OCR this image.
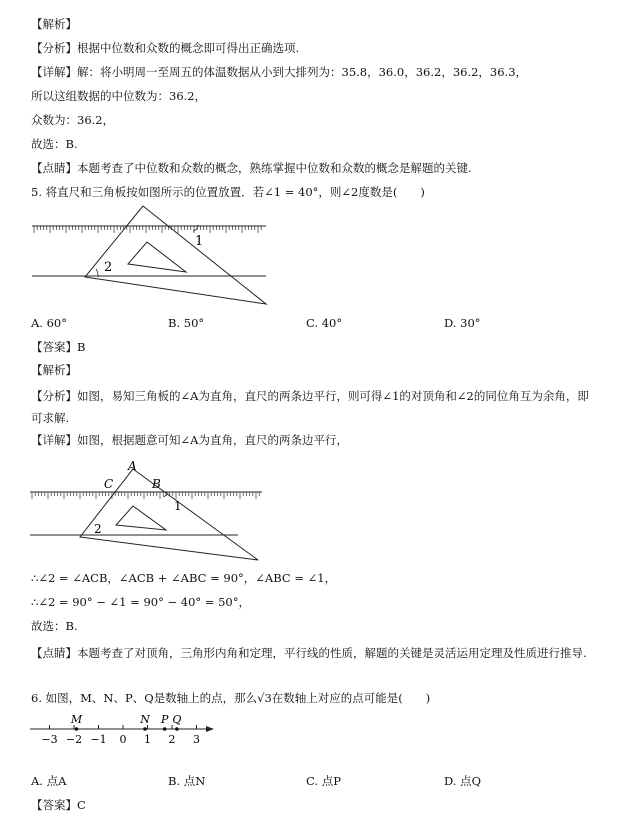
【解析】
【分析】根据中位数和众数的概念即可得出正确选项.
【详解】解：将小明周一至周五的体温数据从小到大排列为：35.8，36.0，36.2，36.2，36.3，
所以这组数据的中位数为：36.2，
众数为：36.2，
故选：B.
【点睛】本题考查了中位数和众数的概念，熟练掌握中位数和众数的概念是解题的关键.
5. 将直尺和三角板按如图所示的位置放置．若∠1 = 40°，则∠2度数是(　　)
1
2
A. 60°	B. 50°	C. 40°	D. 30°
【答案】B
【解析】
【分析】如图，易知三角板的∠A为直角，直尺的两条边平行，则可得∠1的对顶角和∠2的同位角互为余角，即可求解.
【详解】如图，根据题意可知∠A为直角，直尺的两条边平行，
A
B
C
1
2
∴∠2 = ∠ACB，∠ACB + ∠ABC = 90°，∠ABC = ∠1，
∴∠2 = 90° − ∠1 = 90° − 40° = 50°，
故选：B.
【点睛】本题考查了对顶角，三角形内角和定理，平行线的性质，解题的关键是灵活运用定理及性质进行推导.
6. 如图，M、N、P、Q是数轴上的点，那么√3在数轴上对应的点可能是(　　)
−3 −2 −1 0 1 2 3
M	N P Q
A. 点A	B. 点N	C. 点P	D. 点Q
【答案】C
